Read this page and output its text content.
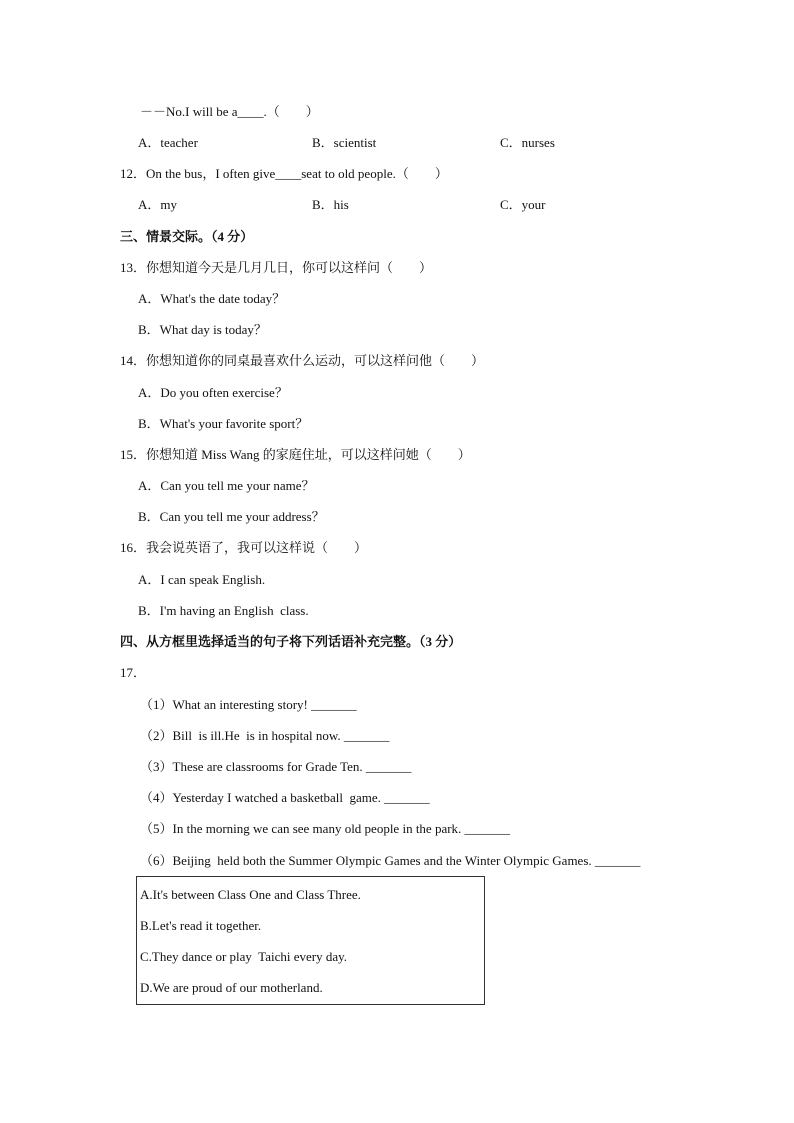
－－No.I will be a____.（　　）
A．teacher	B．scientist	C．nurses
12．On the bus，I often give____seat to old people.（　　）
A．my	B．his	C．your
三、情景交际。（4 分）
13．你想知道今天是几月几日，你可以这样问（　　）
A．What's the date today？
B．What day is today？
14．你想知道你的同桌最喜欢什么运动，可以这样问他（　　）
A．Do you often exercise？
B．What's your favorite sport？
15．你想知道 Miss Wang 的家庭住址，可以这样问她（　　）
A．Can you tell me your name？
B．Can you tell me your address？
16．我会说英语了，我可以这样说（　　）
A．I can speak English.
B．I'm having an English  class.
四、从方框里选择适当的句子将下列话语补充完整。（3 分）
17．
（1）What an interesting story! _______
（2）Bill  is ill.He  is in hospital now. _______
（3）These are classrooms for Grade Ten. _______
（4）Yesterday I watched a basketball  game. _______
（5）In the morning we can see many old people in the park. _______
（6）Beijing  held both the Summer Olympic Games and the Winter Olympic Games. _______
A.It's between Class One and Class Three.
B.Let's read it together.
C.They dance or play  Taichi every day.
D.We are proud of our motherland.
